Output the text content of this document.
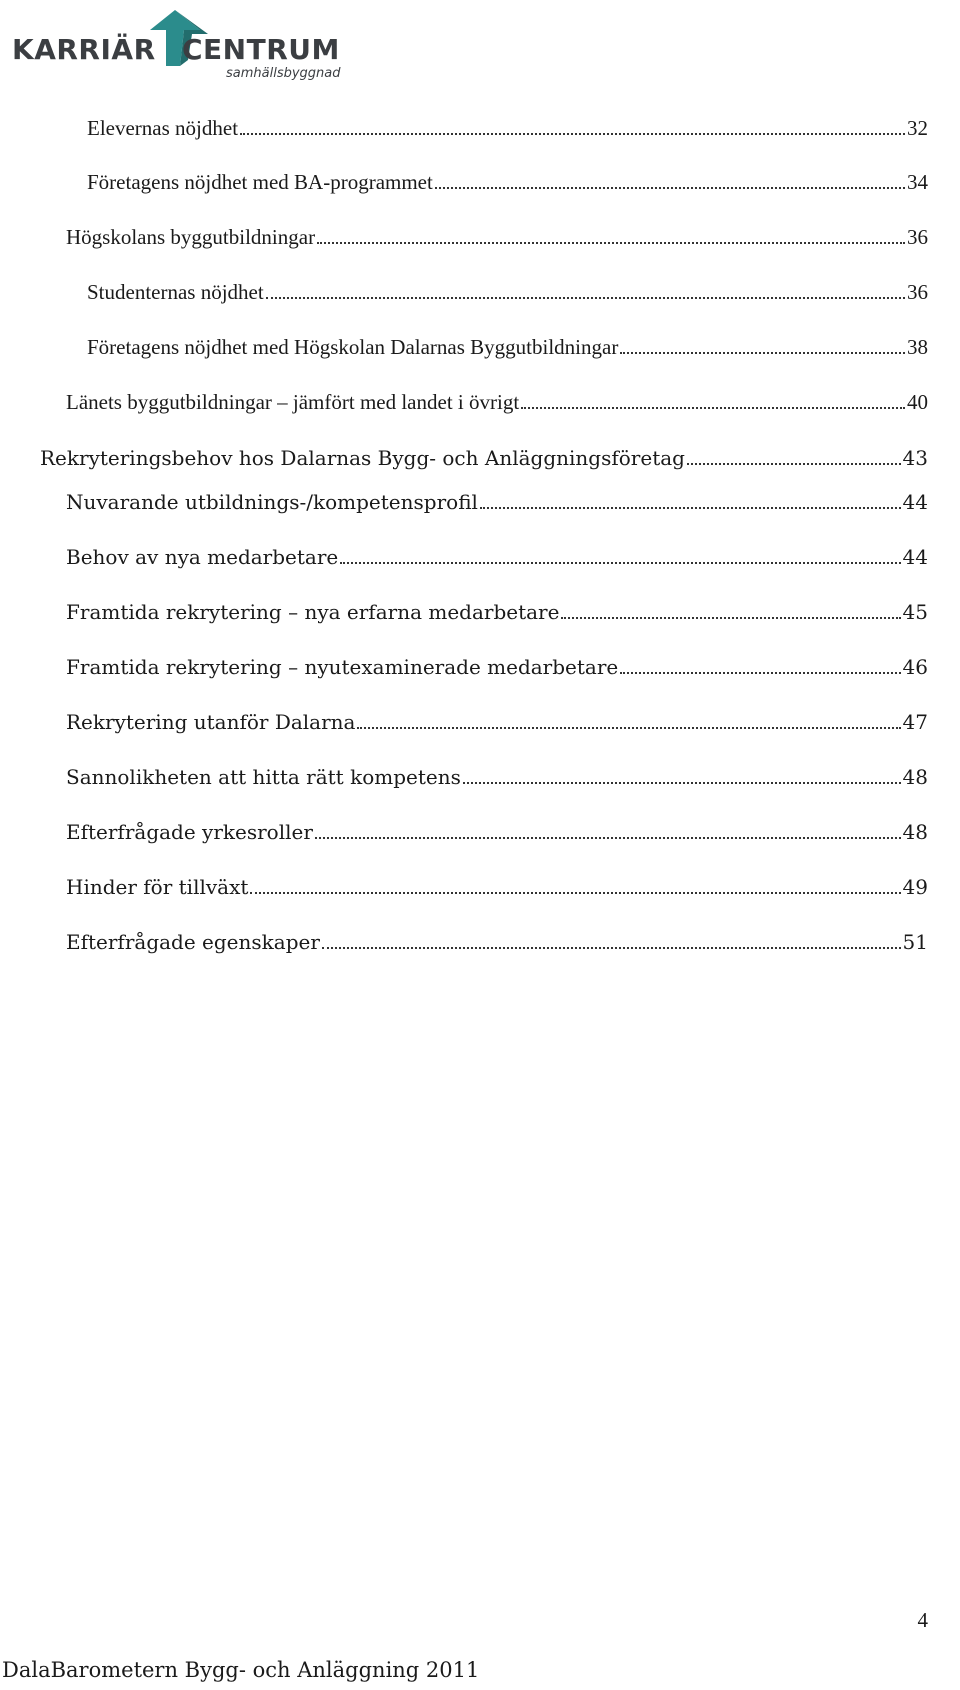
KARRIÄR CENTRUM
samhällsbyggnad
Elevernas nöjdhet	32
Företagens nöjdhet med BA-programmet	34
Högskolans byggutbildningar	36
Studenternas nöjdhet	36
Företagens nöjdhet med Högskolan Dalarnas Byggutbildningar	38
Länets byggutbildningar – jämfört med landet i övrigt	40
Rekryteringsbehov hos Dalarnas Bygg- och Anläggningsföretag	43
Nuvarande utbildnings-/kompetensprofil	44
Behov av nya medarbetare	44
Framtida rekrytering – nya erfarna medarbetare	45
Framtida rekrytering – nyutexaminerade medarbetare	46
Rekrytering utanför Dalarna	47
Sannolikheten att hitta rätt kompetens	48
Efterfrågade yrkesroller	48
Hinder för tillväxt	49
Efterfrågade egenskaper	51
4
DalaBarometern Bygg- och Anläggning 2011
